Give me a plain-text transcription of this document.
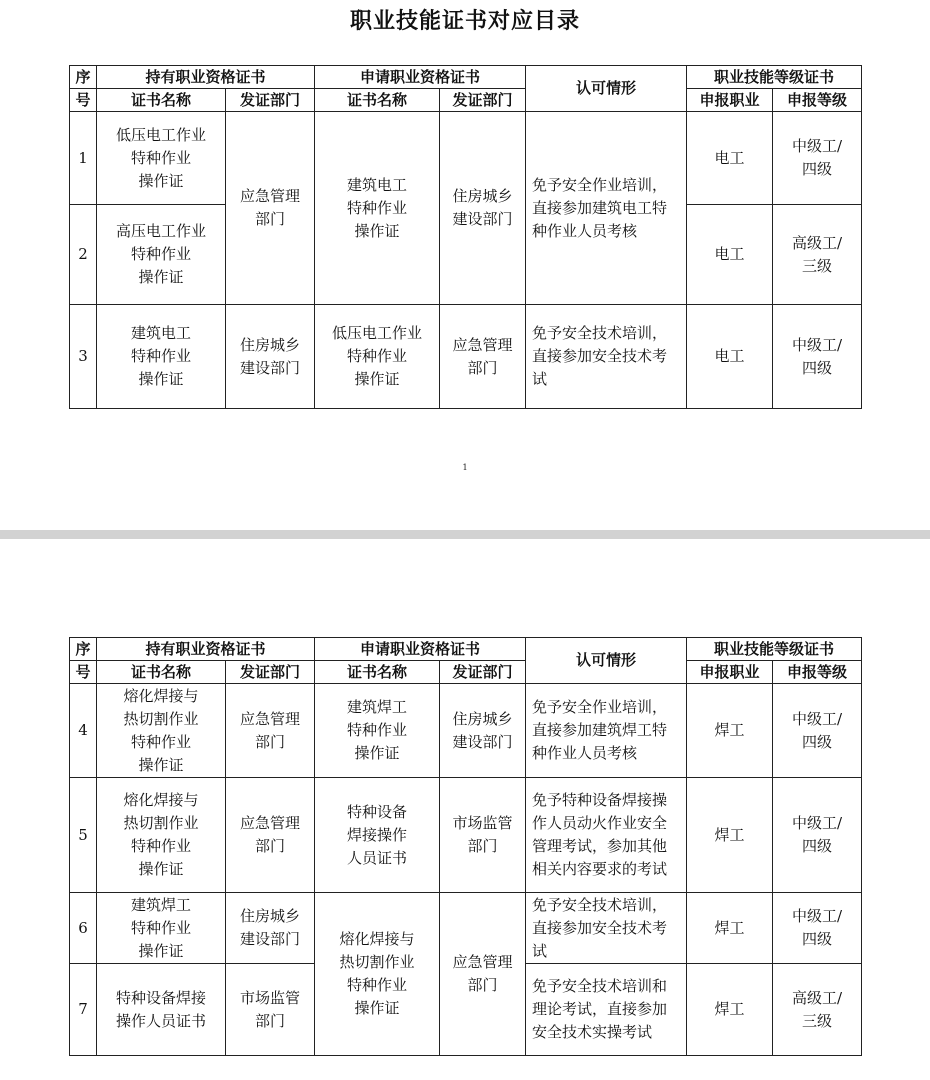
职业技能证书对应目录
序	持有职业资格证书		申请职业资格证书		认可情形	职业技能等级证书	
号	证书名称	发证部门	证书名称	发证部门		申报职业	申报等级
1	低压电工作业
特种作业
操作证	应急管理
部门	建筑电工
特种作业
操作证	住房城乡
建设部门	免予安全作业培训，直接参加建筑电工特种作业人员考核	电工	中级工/
四级
2	高压电工作业
特种作业
操作证					电工	高级工/
三级
3	建筑电工
特种作业
操作证	住房城乡
建设部门	低压电工作业
特种作业
操作证	应急管理
部门	免予安全技术培训，直接参加安全技术考试	电工	中级工/
四级
1
序	持有职业资格证书		申请职业资格证书		认可情形	职业技能等级证书	
号	证书名称	发证部门	证书名称	发证部门		申报职业	申报等级
4	熔化焊接与
热切割作业
特种作业
操作证	应急管理
部门	建筑焊工
特种作业
操作证	住房城乡
建设部门	免予安全作业培训，直接参加建筑焊工特种作业人员考核	焊工	中级工/
四级
5	熔化焊接与
热切割作业
特种作业
操作证	应急管理
部门	特种设备
焊接操作
人员证书	市场监管
部门	免予特种设备焊接操作人员动火作业安全管理考试，参加其他相关内容要求的考试	焊工	中级工/
四级
6	建筑焊工
特种作业
操作证	住房城乡
建设部门	熔化焊接与
热切割作业
特种作业
操作证	应急管理
部门	免予安全技术培训，直接参加安全技术考试	焊工	中级工/
四级
7	特种设备焊接
操作人员证书	市场监管
部门			免予安全技术培训和理论考试，直接参加安全技术实操考试	焊工	高级工/
三级
